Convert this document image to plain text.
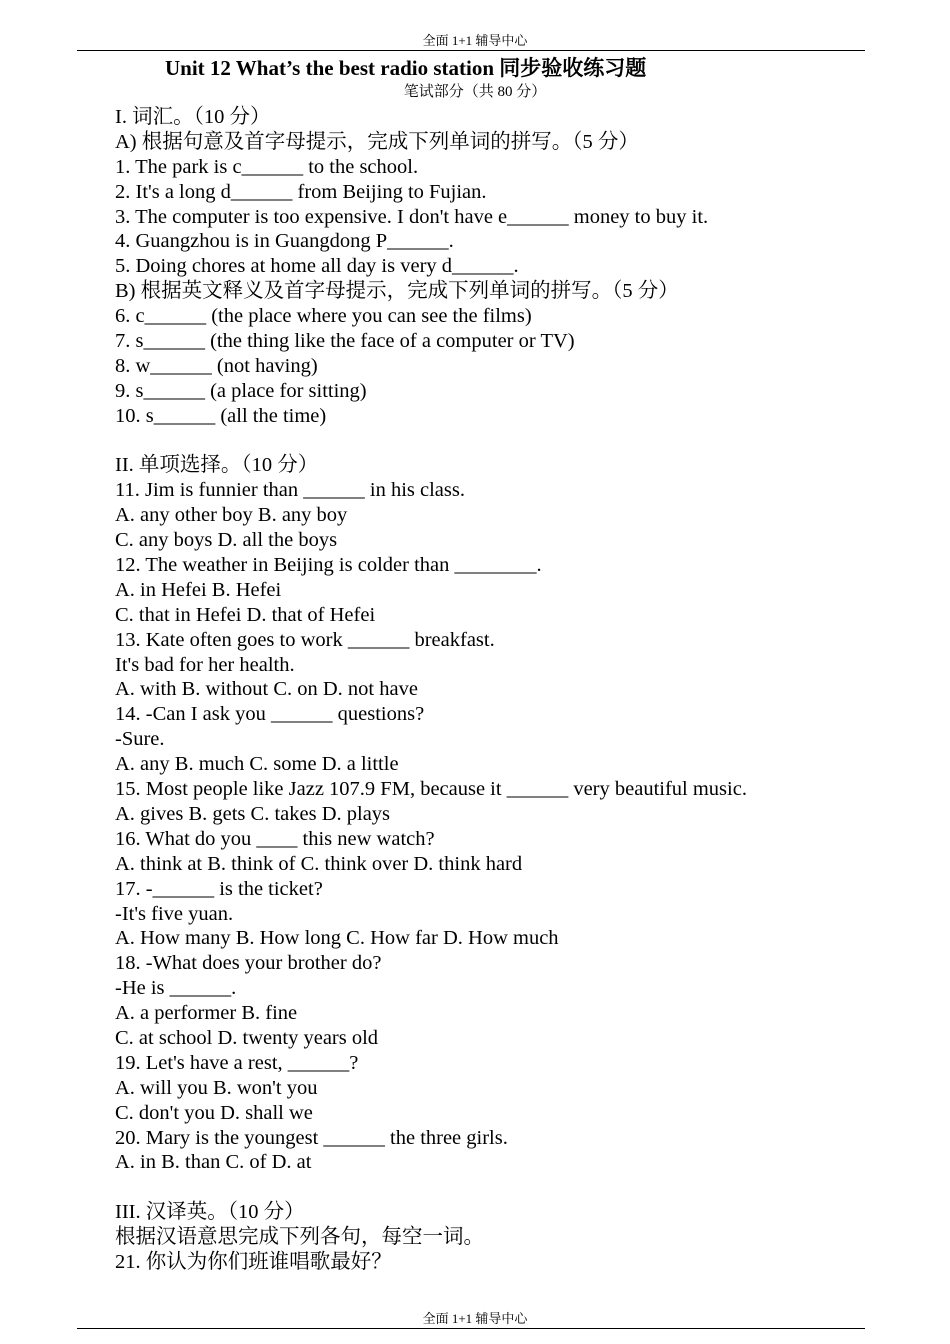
全面 1+1 辅导中心
Unit 12 What’s the best radio station 同步验收练习题
笔试部分（共 80 分）
I. 词汇。（10 分）
A) 根据句意及首字母提示，完成下列单词的拼写。（5 分）
1. The park is c______ to the school.
2. It's a long d______ from Beijing to Fujian.
3. The computer is too expensive. I don't have e______ money to buy it.
4. Guangzhou is in Guangdong P______.
5. Doing chores at home all day is very d______.
B) 根据英文释义及首字母提示，完成下列单词的拼写。（5 分）
6. c______ (the place where you can see the films)
7. s______ (the thing like the face of a computer or TV)
8. w______ (not having)
9. s______ (a place for sitting)
10. s______ (all the time)
II. 单项选择。（10 分）
11. Jim is funnier than ______ in his class.
A. any other boy B. any boy
C. any boys D. all the boys
12. The weather in Beijing is colder than ________.
A. in Hefei B. Hefei
C. that in Hefei D. that of Hefei
13. Kate often goes to work ______ breakfast.
It's bad for her health.
A. with B. without C. on D. not have
14. -Can I ask you ______ questions?
-Sure.
A. any B. much C. some D. a little
15. Most people like Jazz 107.9 FM, because it ______ very beautiful music.
A. gives B. gets C. takes D. plays
16. What do you ____ this new watch?
A. think at B. think of C. think over D. think hard
17. -______ is the ticket?
-It's five yuan.
A. How many B. How long C. How far D. How much
18. -What does your brother do?
-He is ______.
A. a performer B. fine
C. at school D. twenty years old
19. Let's have a rest, ______?
A. will you B. won't you
C. don't you D. shall we
20. Mary is the youngest ______ the three girls.
A. in B. than C. of D. at
III. 汉译英。（10 分）
根据汉语意思完成下列各句，每空一词。
21. 你认为你们班谁唱歌最好？
全面 1+1 辅导中心
